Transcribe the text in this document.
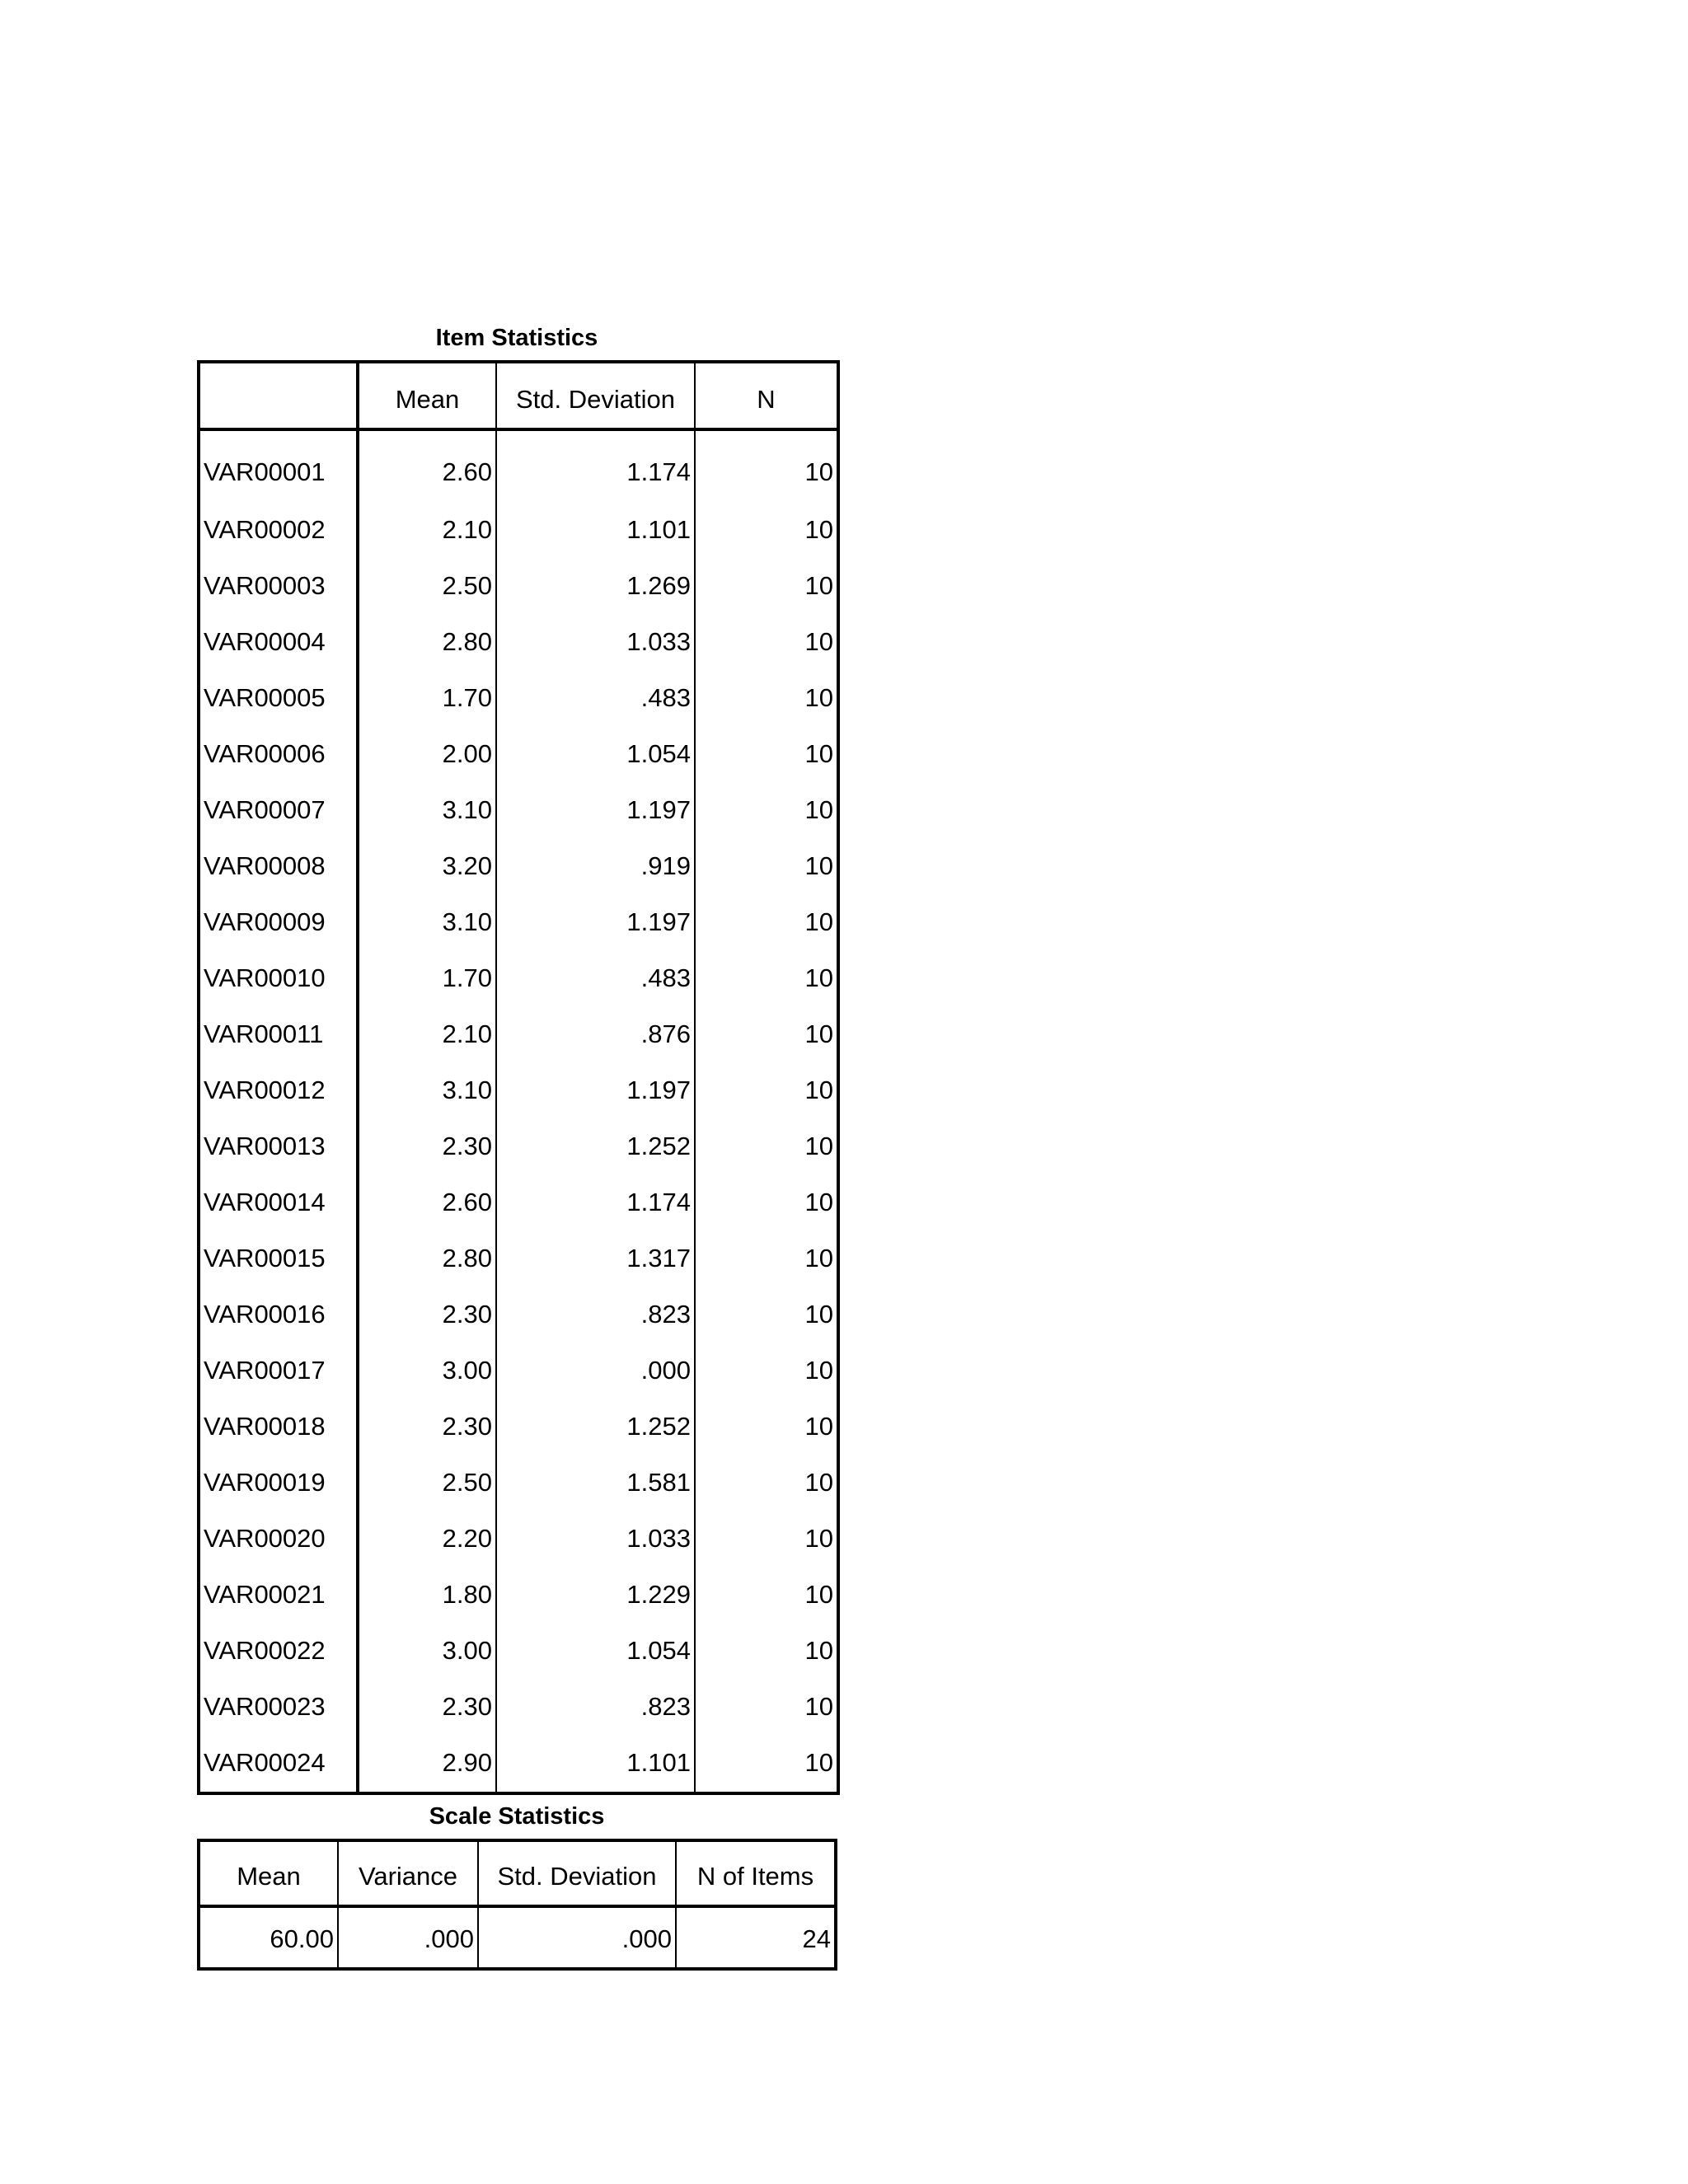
Item Statistics
	Mean	Std. Deviation	N
VAR00001	2.60	1.174	10
VAR00002	2.10	1.101	10
VAR00003	2.50	1.269	10
VAR00004	2.80	1.033	10
VAR00005	1.70	.483	10
VAR00006	2.00	1.054	10
VAR00007	3.10	1.197	10
VAR00008	3.20	.919	10
VAR00009	3.10	1.197	10
VAR00010	1.70	.483	10
VAR00011	2.10	.876	10
VAR00012	3.10	1.197	10
VAR00013	2.30	1.252	10
VAR00014	2.60	1.174	10
VAR00015	2.80	1.317	10
VAR00016	2.30	.823	10
VAR00017	3.00	.000	10
VAR00018	2.30	1.252	10
VAR00019	2.50	1.581	10
VAR00020	2.20	1.033	10
VAR00021	1.80	1.229	10
VAR00022	3.00	1.054	10
VAR00023	2.30	.823	10
VAR00024	2.90	1.101	10
Scale Statistics
Mean	Variance	Std. Deviation	N of Items
60.00	.000	.000	24
